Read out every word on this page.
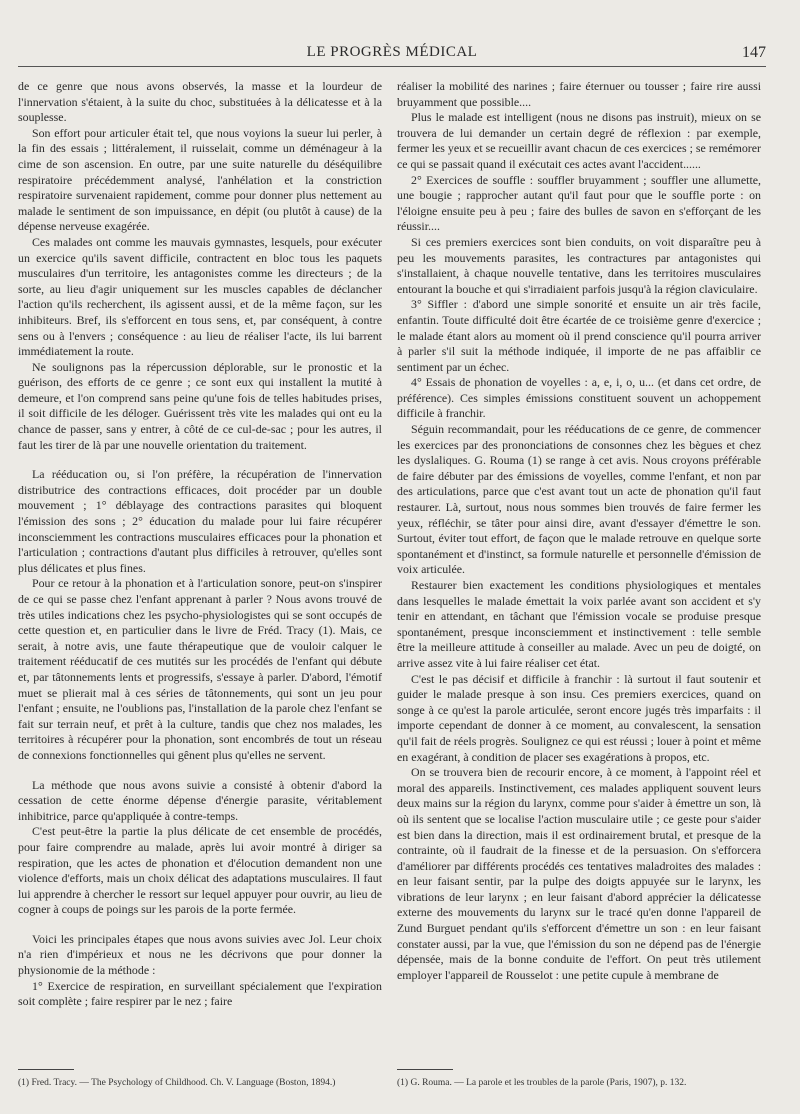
LE PROGRÈS MÉDICAL	147

de ce genre que nous avons observés, la masse et la lourdeur de l'innervation s'étaient, à la suite du choc, substituées à la délicatesse et à la souplesse.

Son effort pour articuler était tel, que nous voyions la sueur lui perler, à la fin des essais ; littéralement, il ruisselait, comme un déménageur à la cime de son ascension. En outre, par une suite naturelle du déséquilibre respiratoire précédemment analysé, l'anhélation et la constriction respiratoire survenaient rapidement, comme pour donner plus nettement au malade le sentiment de son impuissance, en dépit (ou plutôt à cause) de la dépense nerveuse exagérée.

Ces malades ont comme les mauvais gymnastes, lesquels, pour exécuter un exercice qu'ils savent difficile, contractent en bloc tous les paquets musculaires d'un territoire, les antagonistes comme les directeurs ; de la sorte, au lieu d'agir uniquement sur les muscles capables de déclancher l'action qu'ils recherchent, ils agissent aussi, et de la même façon, sur les inhibiteurs. Bref, ils s'efforcent en tous sens, et, par conséquent, à contre sens ou à l'envers ; conséquence : au lieu de réaliser l'acte, ils lui barrent immédiatement la route.

Ne soulignons pas la répercussion déplorable, sur le pronostic et la guérison, des efforts de ce genre ; ce sont eux qui installent la mutité à demeure, et l'on comprend sans peine qu'une fois de telles habitudes prises, il soit difficile de les déloger. Guérissent très vite les malades qui ont eu la chance de passer, sans y entrer, à côté de ce cul-de-sac ; pour les autres, il faut les tirer de là par une nouvelle orientation du traitement.

La rééducation ou, si l'on préfère, la récupération de l'innervation distributrice des contractions efficaces, doit procéder par un double mouvement ; 1° déblayage des contractions parasites qui bloquent l'émission des sons ; 2° éducation du malade pour lui faire récupérer inconsciemment les contractions musculaires efficaces pour la phonation et l'articulation ; contractions d'autant plus difficiles à retrouver, qu'elles sont plus délicates et plus fines.

Pour ce retour à la phonation et à l'articulation sonore, peut-on s'inspirer de ce qui se passe chez l'enfant apprenant à parler ? Nous avons trouvé de très utiles indications chez les psycho-physiologistes qui se sont occupés de cette question et, en particulier dans le livre de Fréd. Tracy (1). Mais, ce serait, à notre avis, une faute thérapeutique que de vouloir calquer le traitement rééducatif de ces mutités sur les procédés de l'enfant qui débute et, par tâtonnements lents et progressifs, s'essaye à parler. D'abord, l'émotif muet se plierait mal à ces séries de tâtonnements, qui sont un jeu pour l'enfant ; ensuite, ne l'oublions pas, l'installation de la parole chez l'enfant se fait sur terrain neuf, et prêt à la culture, tandis que chez nos malades, les territoires à récupérer pour la phonation, sont encombrés de tout un réseau de connexions fonctionnelles qui gênent plus qu'elles ne servent.

La méthode que nous avons suivie a consisté à obtenir d'abord la cessation de cette énorme dépense d'énergie parasite, véritablement inhibitrice, parce qu'appliquée à contre-temps.

C'est peut-être la partie la plus délicate de cet ensemble de procédés, pour faire comprendre au malade, après lui avoir montré à diriger sa respiration, que les actes de phonation et d'élocution demandent non une violence d'efforts, mais un choix délicat des adaptations musculaires. Il faut lui apprendre à chercher le ressort sur lequel appuyer pour ouvrir, au lieu de cogner à coups de poings sur les parois de la porte fermée.

Voici les principales étapes que nous avons suivies avec Jol. Leur choix n'a rien d'impérieux et nous ne les décrivons que pour donner la physionomie de la méthode :

1° Exercice de respiration, en surveillant spécialement que l'expiration soit complète ; faire respirer par le nez ; faire

réaliser la mobilité des narines ; faire éternuer ou tousser ; faire rire aussi bruyamment que possible....

Plus le malade est intelligent (nous ne disons pas instruit), mieux on se trouvera de lui demander un certain degré de réflexion : par exemple, fermer les yeux et se recueillir avant chacun de ces exercices ; se remémorer ce qui se passait quand il exécutait ces actes avant l'accident......

2° Exercices de souffle : souffler bruyamment ; souffler une allumette, une bougie ; rapprocher autant qu'il faut pour que le souffle porte : on l'éloigne ensuite peu à peu ; faire des bulles de savon en s'efforçant de les réussir....

Si ces premiers exercices sont bien conduits, on voit disparaître peu à peu les mouvements parasites, les contractures par antagonistes qui s'installaient, à chaque nouvelle tentative, dans les territoires musculaires entourant la bouche et qui s'irradiaient parfois jusqu'à la région claviculaire.

3° Siffler : d'abord une simple sonorité et ensuite un air très facile, enfantin. Toute difficulté doit être écartée de ce troisième genre d'exercice ; le malade étant alors au moment où il prend conscience qu'il pourra arriver à parler s'il suit la méthode indiquée, il importe de ne pas affaiblir ce sentiment par un échec.

4° Essais de phonation de voyelles : a, e, i, o, u... (et dans cet ordre, de préférence). Ces simples émissions constituent souvent un achoppement difficile à franchir.

Séguin recommandait, pour les rééducations de ce genre, de commencer les exercices par des prononciations de consonnes chez les bègues et chez les dyslaliques. G. Rouma (1) se range à cet avis. Nous croyons préférable de faire débuter par des émissions de voyelles, comme l'enfant, et non par des articulations, parce que c'est avant tout un acte de phonation qu'il faut restaurer. Là, surtout, nous nous sommes bien trouvés de faire fermer les yeux, réfléchir, se tâter pour ainsi dire, avant d'essayer d'émettre le son. Surtout, éviter tout effort, de façon que le malade retrouve en quelque sorte spontanément et d'instinct, sa formule naturelle et personnelle d'émission de voix articulée.

Restaurer bien exactement les conditions physiologiques et mentales dans lesquelles le malade émettait la voix parlée avant son accident et s'y tenir en attendant, en tâchant que l'émission vocale se produise presque spontanément, presque inconsciemment et instinctivement : telle semble être la meilleure attitude à conseiller au malade. Avec un peu de doigté, on arrive assez vite à lui faire réaliser cet état.

C'est le pas décisif et difficile à franchir : là surtout il faut soutenir et guider le malade presque à son insu. Ces premiers exercices, quand on songe à ce qu'est la parole articulée, seront encore jugés très imparfaits : il importe cependant de donner à ce moment, au convalescent, la sensation qu'il fait de réels progrès. Soulignez ce qui est réussi ; louer à point et même en exagérant, à condition de placer ses exagérations à propos, etc.

On se trouvera bien de recourir encore, à ce moment, à l'appoint réel et moral des appareils. Instinctivement, ces malades appliquent souvent leurs deux mains sur la région du larynx, comme pour s'aider à émettre un son, là où ils sentent que se localise l'action musculaire utile ; ce geste pour s'aider est bien dans la direction, mais il est ordinairement brutal, et presque de la contrainte, où il faudrait de la finesse et de la persuasion. On s'efforcera d'améliorer par différents procédés ces tentatives maladroites des malades : en leur faisant sentir, par la pulpe des doigts appuyée sur le larynx, les vibrations de leur larynx ; en leur faisant d'abord apprécier la délicatesse externe des mouvements du larynx sur le tracé qu'en donne l'appareil de Zund Burguet pendant qu'ils s'efforcent d'émettre un son : en leur faisant constater aussi, par la vue, que l'émission du son ne dépend pas de l'énergie dépensée, mais de la bonne conduite de l'effort. On peut très utilement employer l'appareil de Rousselot : une petite cupule à membrane de

(1) Fred. Tracy. — The Psychology of Childhood. Ch. V. Language (Boston, 1894.)	(1) G. Rouma. — La parole et les troubles de la parole (Paris, 1907), p. 132.
